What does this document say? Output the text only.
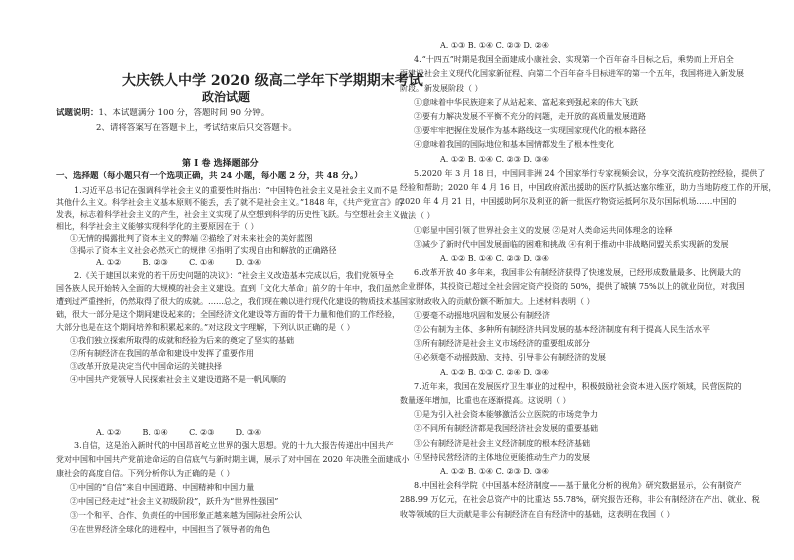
大庆铁人中学 2020 级高二学年下学期期末考试
政治试题
试题说明：1、本试题满分 100 分，答题时间 90 分钟。
2、请将答案写在答题卡上，考试结束后只交答题卡。
第 I 卷 选择题部分
一、选择题（每小题只有一个选项正确，共 24 小题，每小题 2 分，共 48 分。）
1.习近平总书记在强调科学社会主义的重要性时指出：“中国特色社会主义是社会主义而不是
其他什么主义。科学社会主义基本原则不能丢，丢了就不是社会主义。”1848 年，《共产党宣言》的
发表，标志着科学社会主义的产生，社会主义实现了从空想到科学的历史性飞跃。与空想社会主义
相比，科学社会主义能够实现科学化的主要原因在于（ ）
①无情的揭露批判了资本主义的弊端 ②描绘了对未来社会的美好蓝图
③揭示了资本主义社会必然灭亡的规律 ④指明了实现自由和解放的正确路径
A. ①②	B. ②③	C. ①④	D. ③④
2.《关于建国以来党的若干历史问题的决议》：“社会主义改造基本完成以后，我们党领导全
国各族人民开始转入全面的大规模的社会主义建设。直到「文化大革命」前夕的十年中，我们虽然
遭到过严重挫折，仍然取得了很大的成就。……总之，我们现在赖以进行现代化建设的物质技术基
础，很大一部分是这个期间建设起来的；全国经济文化建设等方面的骨干力量和他们的工作经验，
大部分也是在这个期间培养和积累起来的。”对这段文字理解，下列认识正确的是（ ）
①我们独立探索所取得的成就和经验为后来的奠定了坚实的基础
②所有制经济在我国的革命和建设中发挥了重要作用
③改革开放是决定当代中国命运的关键抉择
④中国共产党领导人民探索社会主义建设道路不是一帆风顺的
A. ①②	B. ①④	C. ②③	D. ③④
3.自信，这是治入新时代的中国昂首屹立世界的强大思想。党的十九大报告传递出中国共产
党对中国和中国共产党前途命运的自信底气与新时期主调，展示了对中国在 2020 年决胜全面建成小
康社会的高度自信。下列分析你认为正确的是（ ）
①中国的“自信”来自中国道路、中国精神和中国力量
②中国已经走过“社会主义初级阶段”，跃升为“世界性强国”
③一个和平、合作、负责任的中国形象正越来越为国际社会所公认
④在世界经济全球化的进程中，中国担当了领导者的角色
A. ①③ B. ①④ C. ②③ D. ②④
4.“十四五”时期是我国全面建成小康社会、实现第一个百年奋斗目标之后，乘势而上开启全
面建设社会主义现代化国家新征程、向第二个百年奋斗目标进军的第一个五年，我国将进入新发展
阶段。新发展阶段（ ）
①意味着中华民族迎来了从站起来、富起来到强起来的伟大飞跃
②要有力解决发展不平衡不充分的问题，走开放的高质量发展道路
③要牢牢把握住发展作为基本路线这一实现国家现代化的根本路径
④意味着我国的国际地位和基本国情都发生了根本性变化
A. ①② B. ①④ C. ②③ D. ③④
5.2020 年 3 月 18 日，中国同非洲 24 个国家举行专家视频会议，分享交流抗疫防控经验，提供了
经验和帮助；2020 年 4 月 16 日，中国政府派出援助的医疗队抵达塞尔维亚，助力当地防疫工作的开展，
2020 年 4 月 21 日，中国援助阿尔及利亚的新一批医疗物资运抵阿尔及尔国际机场……中国的
做法（ ）
①彰显中国引领了世界社会主义的发展 ②是对人类命运共同体理念的诠释
③减少了新时代中国发展面临的困难和挑战 ④有利于推动中非战略同盟关系实现新的发展
A. ①② B. ①④ C. ②③ D. ③④
6.改革开放 40 多年来，我国非公有制经济获得了快速发展，已经形成数量最多、比例最大的
企业群体，其投资已超过全社会固定资产投资的 50%，提供了城镇 75%以上的就业岗位，对我国
国家财政收入的贡献份额不断加大。上述材料表明（ ）
①要毫不动摇地巩固和发展公有制经济
②公有制为主体、多种所有制经济共同发展的基本经济制度有利于提高人民生活水平
③所有制经济是社会主义市场经济的重要组成部分
④必须毫不动摇鼓励、支持、引导非公有制经济的发展
A. ①② B. ①③ C. ②④ D. ③④
7.近年来，我国在发展医疗卫生事业的过程中，积极鼓励社会资本进入医疗领域，民营医院的
数量逐年增加，比重也在逐渐提高。这说明（ ）
①是为引入社会资本能够激活公立医院的市场竞争力
②不同所有制经济都是我国经济社会发展的重要基础
③公有制经济是社会主义经济制度的根本经济基础
④坚持民营经济的主体地位更能推动生产力的发展
A. ①② B. ①④ C. ②③ D. ③④
8.中国社会科学院《中国基本经济制度——基于量化分析的视角》研究数据显示，公有制资产
288.99 万亿元，在社会总资产中的比重达 55.78%，研究报告还称，非公有制经济在产出、就业、税
收等领域的巨大贡献是非公有制经济在自有经济中的基础，这表明在我国（ ）
